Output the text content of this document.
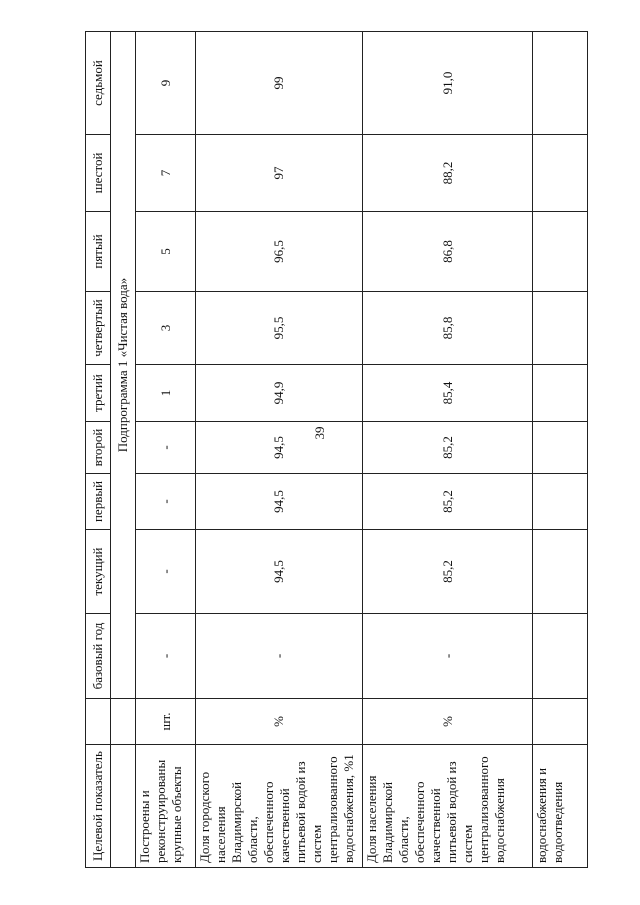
39
Целевой показатель		базовый год	текущий	первый	второй	третий	четвертый	пятый	шестой	седьмой
		Подпрограмма 1 «Чистая вода»								
Построены и реконструированы крупные объекты	шт.	-	-	-	-	1	3	5	7	9
Доля городского населения Владимирской области, обеспеченного качественной питьевой водой из систем централизованного водоснабжения, %1	%	-	94,5	94,5	94,5	94,9	95,5	96,5	97	99
Доля населения Владимирской области, обеспеченного качественной питьевой водой из систем централизованного водоснабжения	%	-	85,2	85,2	85,2	85,4	85,8	86,8	88,2	91,0
водоснабжения и водоотведения										
